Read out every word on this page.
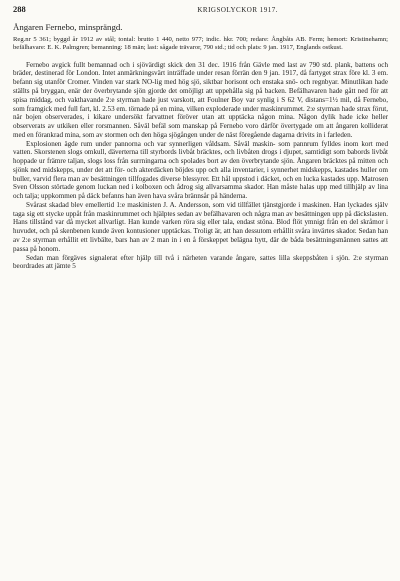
288	KRIGSOLYCKOR 1917.
Ångaren Fernebo, minsprängd.
Reg.nr 5 361; byggd år 1912 av stål; tontal: brutto 1 440, netto 977; indic. hkr. 700; redare: Ångbåts AB. Ferm; hemort: Kristinehamn; befälhavare: E. K. Palmgren; bemanning: 18 män; last: sågade trävaror, 790 std.; tid och plats: 9 jan. 1917, Englands ostkust.

Fernebo avgick fullt bemannad och i sjövärdigt skick den 31 dec. 1916 från Gävle med last av 790 std. plank, battens och bräder, destinerad för London. Intet anmärkningsvärt inträffade under resan förrän den 9 jan. 1917, då fartyget strax före kl. 3 em. befann sig utanför Cromer. Vinden var stark NO-lig med hög sjö, siktbar horisont och enstaka snö- och regnbyar. Minutlikan hade ställts på bryggan, enär der överbrytande sjön gjorde det omöjligt att uppehålla sig på backen. Befälhavaren hade gått ned för att spisa middag, och vakthavande 2:e styrman hade just varskott, att Foulner Boy var synlig i S 62 V, distans=1½ mil, då Fernebo, som framgick med full fart, kl. 2.53 em. törnade på en mina, vilken exploderade under maskinrummet. 2:e styrman hade strax förut, när bojen observerades, i kikare undersökt farvattnet föröver utan att upptäcka någon mina. Någon dylik hade icke heller observerats av utkiken eller rorsmannen. Såväl befäl som manskap på Fernebo voro därför övertygade om att ångaren kolliderat med en förankrad mina, som av stormen och den höga sjögången under de näst föregående dagarna drivits in i farleden.

Explosionen ägde rum under pannorna och var synnerligen våldsam. Såväl maskin- som pannrum fylldes inom kort med vatten. Skorstenen slogs omkull, däverterna till styrbords livbåt bräcktes, och livbåten drogs i djupet, samtidigt som babords livbåt hoppade ur främre taljan, slogs loss från surrningarna och spolades bort av den överbrytande sjön. Ångaren bräcktes på mitten och sjönk ned midskepps, under det att för- och akterdäcken böjdes upp och alla inventarier, i synnerhet midskepps, kastades huller om buller, varvid flera man av besättningen tillfogades diverse blessyrer. Ett hål uppstod i däcket, och en lucka kastades upp. Matrosen Sven Olsson störtade genom luckan ned i kolboxen och ådrog sig allvarsamma skador. Han måste halas upp med tillhjälp av lina och talja; uppkommen på däck befanns han även hava svåra brännsår på händerna.

Svårast skadad blev emellertid 1:e maskinisten J. A. Andersson, som vid tillfället tjänstgjorde i maskinen. Han lyckades själv taga sig ett stycke uppåt från maskinrummet och hjälptes sedan av befälhavaren och några man av besättningen upp på däckslasten. Hans tillstånd var då mycket allvarligt. Han kunde varken röra sig eller tala, endast stöna. Blod flöt ymnigt från en del skråmor i huvudet, och på skenbenen kunde även kontusioner upptäckas. Troligt är, att han dessutom erhållit svåra invärtes skador. Sedan han av 2:e styrman erhållit ett livbälte, bars han av 2 man in i en å förskeppet belägna hytt, där de båda besättningsmännen sattes att passa på honom.

Sedan man förgäves signalerat efter hjälp till två i närheten varande ångare, sattes lilla skeppsbåten i sjön. 2:e styrman beordrades att jämte 5
